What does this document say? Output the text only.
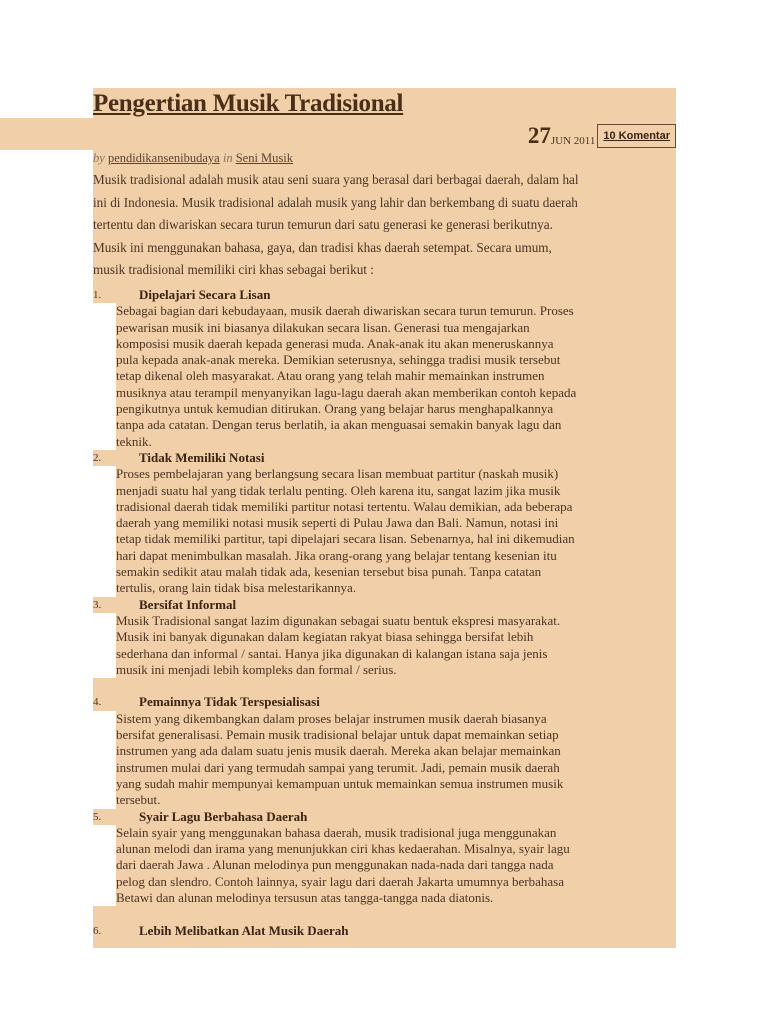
Pengertian Musik Tradisional
27 JUN 2011 10 Komentar
by pendidikansenibudaya in Seni Musik
Musik tradisional adalah musik atau seni suara yang berasal dari berbagai daerah, dalam hal
ini di Indonesia. Musik tradisional adalah musik yang lahir dan berkembang di suatu daerah
tertentu dan diwariskan secara turun temurun dari satu generasi ke generasi berikutnya.
Musik ini menggunakan bahasa, gaya, dan tradisi khas daerah setempat. Secara umum,
musik tradisional memiliki ciri khas sebagai berikut :
1.	Dipelajari Secara Lisan
Sebagai bagian dari kebudayaan, musik daerah diwariskan secara turun temurun. Proses
pewarisan musik ini biasanya dilakukan secara lisan. Generasi tua mengajarkan
komposisi musik daerah kepada generasi muda. Anak-anak itu akan meneruskannya
pula kepada anak-anak mereka. Demikian seterusnya, sehingga tradisi musik tersebut
tetap dikenal oleh masyarakat. Atau orang yang telah mahir memainkan instrumen
musiknya atau terampil menyanyikan lagu-lagu daerah akan memberikan contoh kepada
pengikutnya untuk kemudian ditirukan. Orang yang belajar harus menghapalkannya
tanpa ada catatan. Dengan terus berlatih, ia akan menguasai semakin banyak lagu dan
teknik.
2.	Tidak Memiliki Notasi
Proses pembelajaran yang berlangsung secara lisan membuat partitur (naskah musik)
menjadi suatu hal yang tidak terlalu penting. Oleh karena itu, sangat lazim jika musik
tradisional daerah tidak memiliki partitur notasi tertentu. Walau demikian, ada beberapa
daerah yang memiliki notasi musik seperti di Pulau Jawa dan Bali. Namun, notasi ini
tetap tidak memiliki partitur, tapi dipelajari secara lisan. Sebenarnya, hal ini dikemudian
hari dapat menimbulkan masalah. Jika orang-orang yang belajar tentang kesenian itu
semakin sedikit atau malah tidak ada, kesenian tersebut bisa punah. Tanpa catatan
tertulis, orang lain tidak bisa melestarikannya.
3.	Bersifat Informal
Musik Tradisional sangat lazim digunakan sebagai suatu bentuk ekspresi masyarakat.
Musik ini banyak digunakan dalam kegiatan rakyat biasa sehingga bersifat lebih
sederhana dan informal / santai. Hanya jika digunakan di kalangan istana saja jenis
musik ini menjadi lebih kompleks dan formal / serius.
4.	Pemainnya Tidak Terspesialisasi
Sistem yang dikembangkan dalam proses belajar instrumen musik daerah biasanya
bersifat generalisasi. Pemain musik tradisional belajar untuk dapat memainkan setiap
instrumen yang ada dalam suatu jenis musik daerah. Mereka akan belajar memainkan
instrumen mulai dari yang termudah sampai yang terumit. Jadi, pemain musik daerah
yang sudah mahir mempunyai kemampuan untuk memainkan semua instrumen musik
tersebut.
5.	Syair Lagu Berbahasa Daerah
Selain syair yang menggunakan bahasa daerah, musik tradisional juga menggunakan
alunan melodi dan irama yang menunjukkan ciri khas kedaerahan. Misalnya, syair lagu
dari daerah Jawa . Alunan melodinya pun menggunakan nada-nada dari tangga nada
pelog dan slendro. Contoh lainnya, syair lagu dari daerah Jakarta umumnya berbahasa
Betawi dan alunan melodinya tersusun atas tangga-tangga nada diatonis.
6.	Lebih Melibatkan Alat Musik Daerah
